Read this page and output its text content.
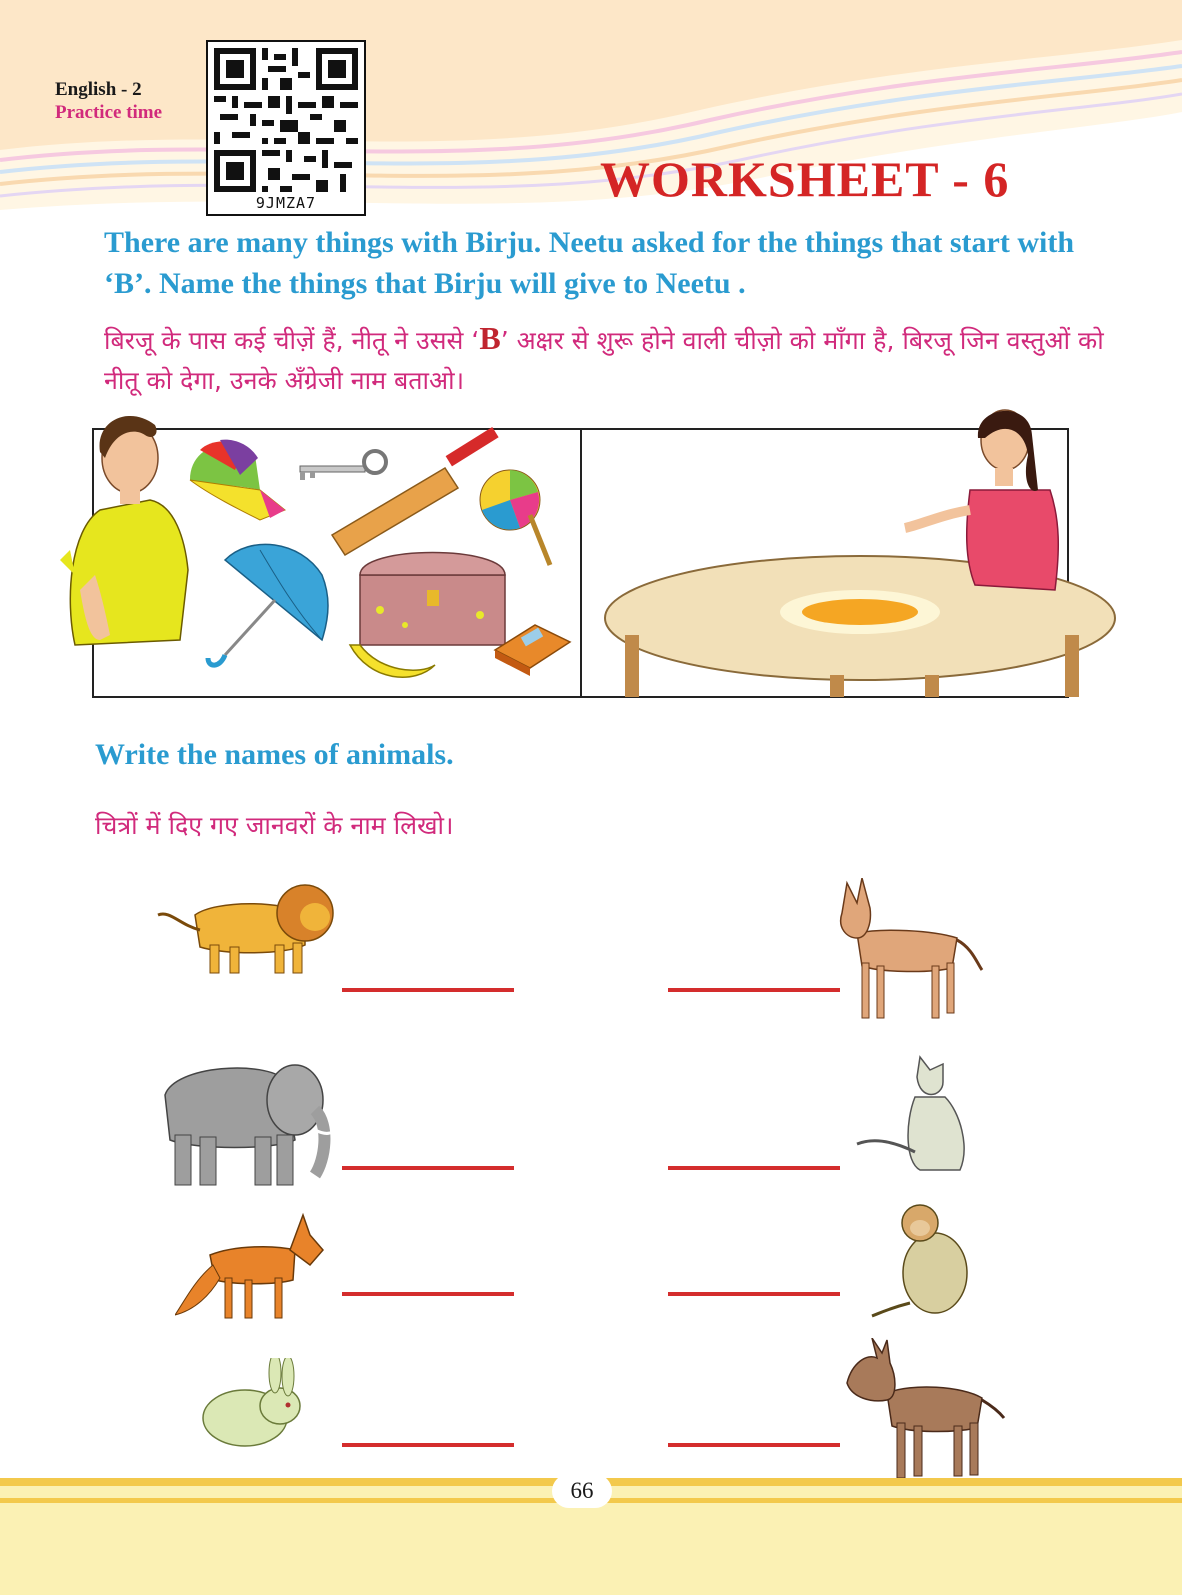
English - 2
Practice time
9JMZA7	WORKSHEET - 6
There are many things with Birju. Neetu asked for the things that start with ‘B’. Name the things that Birju will give to Neetu .
बिरजू के पास कई चीज़ें हैं, नीतू ने उससे ‘B’ अक्षर से शुरू होने वाली चीज़ो को माँगा है, बिरजू जिन वस्तुओं को नीतू को देगा, उनके अँग्रेजी नाम बताओ।
Write the names of animals.
चित्रों में दिए गए जानवरों के नाम लिखो।
66
